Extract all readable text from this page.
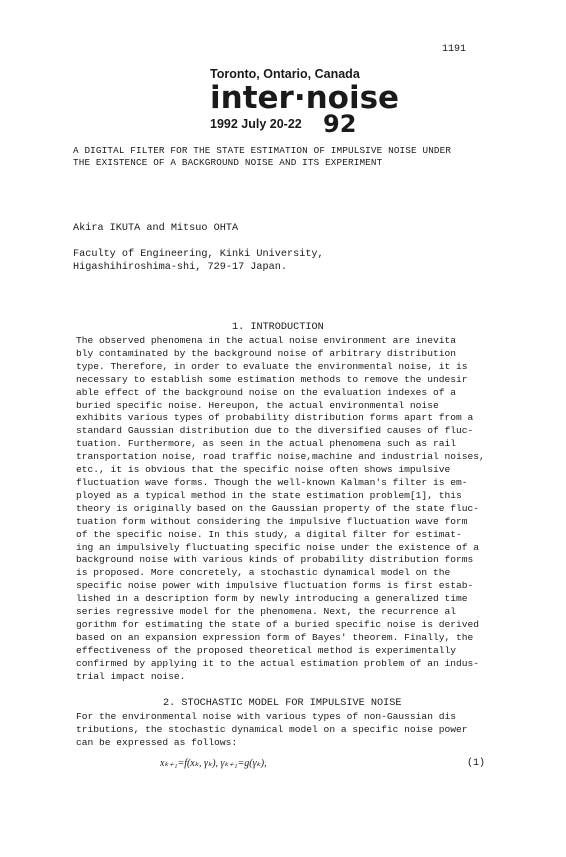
1191
Toronto, Ontario, Canada
inter·noise
1992 July 20-22 92
A DIGITAL FILTER FOR THE STATE ESTIMATION OF IMPULSIVE NOISE UNDER
THE EXISTENCE OF A BACKGROUND NOISE AND ITS EXPERIMENT
Akira IKUTA and Mitsuo OHTA
Faculty of Engineering, Kinki University,
Higashihiroshima-shi, 729-17 Japan.
1. INTRODUCTION
The observed phenomena in the actual noise environment are inevita
bly contaminated by the background noise of arbitrary distribution
type. Therefore, in order to evaluate the environmental noise, it is
necessary to establish some estimation methods to remove the undesir
able effect of the background noise on the evaluation indexes of a
buried specific noise. Hereupon, the actual environmental noise
exhibits various types of probability distribution forms apart from a
standard Gaussian distribution due to the diversified causes of fluc-
tuation. Furthermore, as seen in the actual phenomena such as rail
transportation noise, road traffic noise,machine and industrial noises,
etc., it is obvious that the specific noise often shows impulsive
fluctuation wave forms. Though the well-known Kalman's filter is em-
ployed as a typical method in the state estimation problem[1], this
theory is originally based on the Gaussian property of the state fluc-
tuation form without considering the impulsive fluctuation wave form
of the specific noise. In this study, a digital filter for estimat-
ing an impulsively fluctuating specific noise under the existence of a
background noise with various kinds of probability distribution forms
is proposed. More concretely, a stochastic dynamical model on the
specific noise power with impulsive fluctuation forms is first estab-
lished in a description form by newly introducing a generalized time
series regressive model for the phenomena. Next, the recurrence al
gorithm for estimating the state of a buried specific noise is derived
based on an expansion expression form of Bayes' theorem. Finally, the
effectiveness of the proposed theoretical method is experimentally
confirmed by applying it to the actual estimation problem of an indus-
trial impact noise.
2. STOCHASTIC MODEL FOR IMPULSIVE NOISE
For the environmental noise with various types of non-Gaussian dis
tributions, the stochastic dynamical model on a specific noise power
can be expressed as follows:
xₖ₊₁=f(xₖ, γₖ), γₖ₊₁=g(γₖ),	(1)
